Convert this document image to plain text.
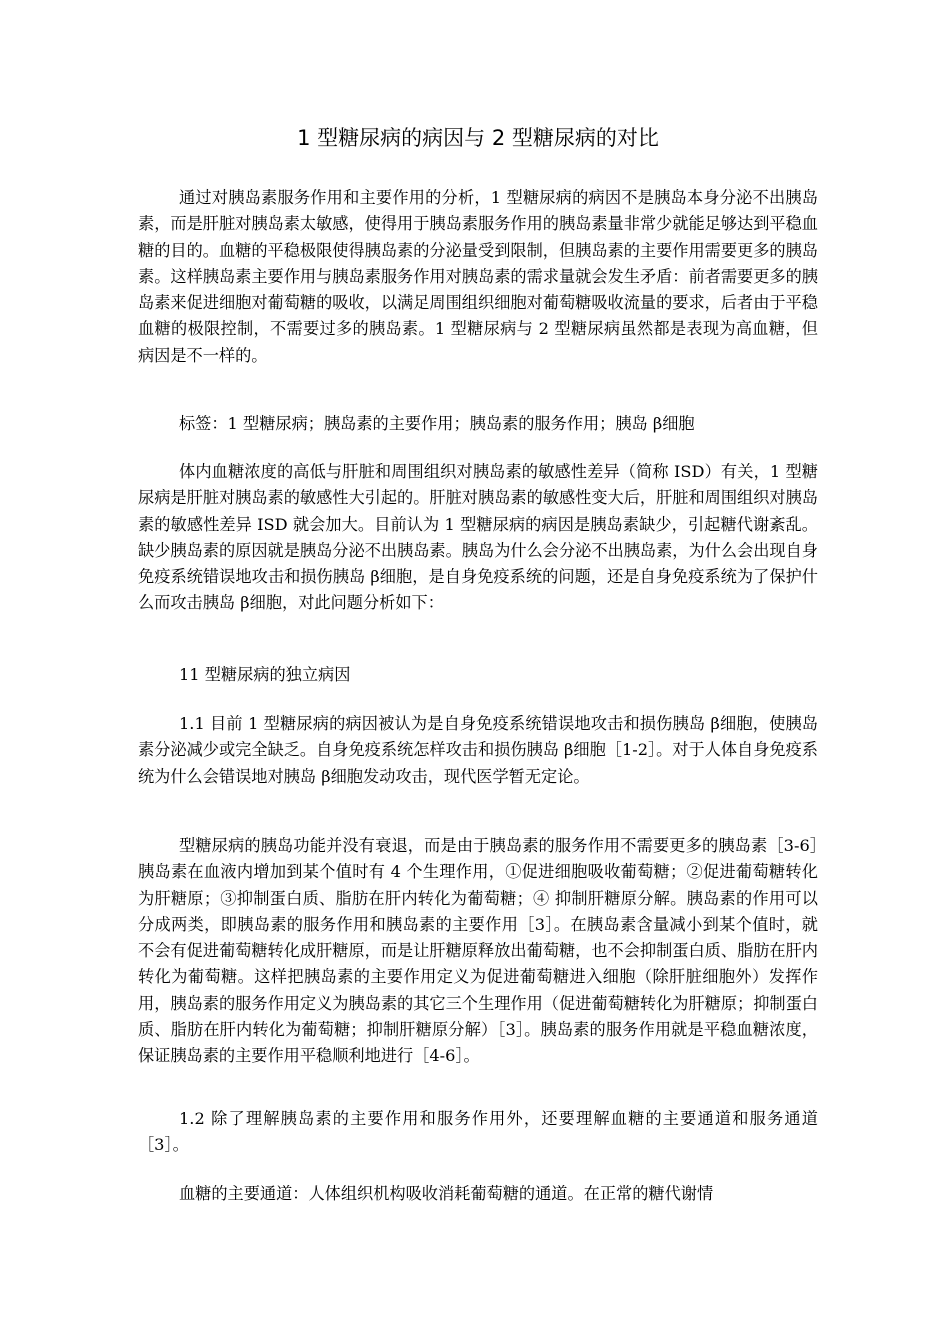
1 型糖尿病的病因与 2 型糖尿病的对比

通过对胰岛素服务作用和主要作用的分析，1 型糖尿病的病因不是胰岛本身分泌不出胰岛素，而是肝脏对胰岛素太敏感，使得用于胰岛素服务作用的胰岛素量非常少就能足够达到平稳血糖的目的。血糖的平稳极限使得胰岛素的分泌量受到限制，但胰岛素的主要作用需要更多的胰岛素。这样胰岛素主要作用与胰岛素服务作用对胰岛素的需求量就会发生矛盾：前者需要更多的胰岛素来促进细胞对葡萄糖的吸收，以满足周围组织细胞对葡萄糖吸收流量的要求，后者由于平稳血糖的极限控制，不需要过多的胰岛素。1 型糖尿病与 2 型糖尿病虽然都是表现为高血糖，但病因是不一样的。

标签：1 型糖尿病；胰岛素的主要作用；胰岛素的服务作用；胰岛 β细胞

体内血糖浓度的高低与肝脏和周围组织对胰岛素的敏感性差异（简称 ISD）有关，1 型糖尿病是肝脏对胰岛素的敏感性大引起的。肝脏对胰岛素的敏感性变大后，肝脏和周围组织对胰岛素的敏感性差异 ISD 就会加大。目前认为 1 型糖尿病的病因是胰岛素缺少，引起糖代谢紊乱。缺少胰岛素的原因就是胰岛分泌不出胰岛素。胰岛为什么会分泌不出胰岛素，为什么会出现自身免疫系统错误地攻击和损伤胰岛 β细胞，是自身免疫系统的问题，还是自身免疫系统为了保护什么而攻击胰岛 β细胞，对此问题分析如下：

11 型糖尿病的独立病因

1.1 目前 1 型糖尿病的病因被认为是自身免疫系统错误地攻击和损伤胰岛 β细胞，使胰岛素分泌减少或完全缺乏。自身免疫系统怎样攻击和损伤胰岛 β细胞［1-2］。对于人体自身免疫系统为什么会错误地对胰岛 β细胞发动攻击，现代医学暂无定论。

型糖尿病的胰岛功能并没有衰退，而是由于胰岛素的服务作用不需要更多的胰岛素［3-6］胰岛素在血液内增加到某个值时有 4 个生理作用，①促进细胞吸收葡萄糖；②促进葡萄糖转化为肝糖原；③抑制蛋白质、脂肪在肝内转化为葡萄糖；④ 抑制肝糖原分解。胰岛素的作用可以分成两类，即胰岛素的服务作用和胰岛素的主要作用［3］。在胰岛素含量减小到某个值时，就不会有促进葡萄糖转化成肝糖原，而是让肝糖原释放出葡萄糖，也不会抑制蛋白质、脂肪在肝内转化为葡萄糖。这样把胰岛素的主要作用定义为促进葡萄糖进入细胞（除肝脏细胞外）发挥作用，胰岛素的服务作用定义为胰岛素的其它三个生理作用（促进葡萄糖转化为肝糖原；抑制蛋白质、脂肪在肝内转化为葡萄糖；抑制肝糖原分解）［3］。胰岛素的服务作用就是平稳血糖浓度，保证胰岛素的主要作用平稳顺利地进行［4-6］。

1.2 除了理解胰岛素的主要作用和服务作用外，还要理解血糖的主要通道和服务通道［3］。

血糖的主要通道：人体组织机构吸收消耗葡萄糖的通道。在正常的糖代谢情
